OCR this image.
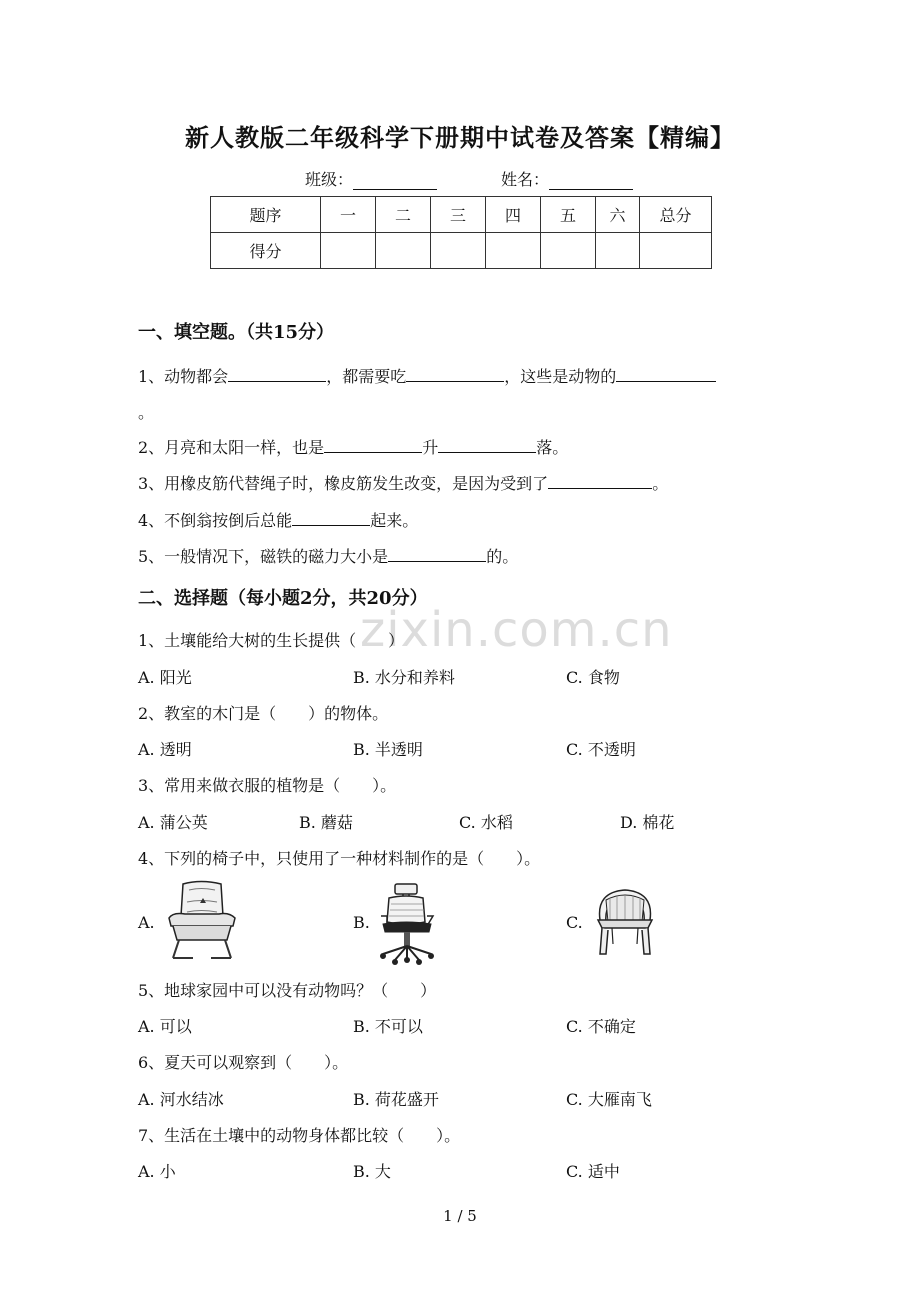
新人教版二年级科学下册期中试卷及答案【精编】
班级：	姓名：
题序	一	二	三	四	五	六	总分
得分							
一、填空题。（共15分）
1、动物都会	，都需要吃	，这些是动物的
。
2、月亮和太阳一样，也是	升	落。
3、用橡皮筋代替绳子时，橡皮筋发生改变，是因为受到了	。
4、不倒翁按倒后总能	起来。
5、一般情况下，磁铁的磁力大小是	的。
二、选择题（每小题2分，共20分）
zixin.com.cn
1、土壤能给大树的生长提供（　　）
A. 阳光	B. 水分和养料	C. 食物
2、教室的木门是（　　）的物体。
A. 透明	B. 半透明	C. 不透明
3、常用来做衣服的植物是（　　）。
A. 蒲公英	B. 蘑菇	C. 水稻	D. 棉花
4、下列的椅子中，只使用了一种材料制作的是（　　）。
A.	B.	C.
5、地球家园中可以没有动物吗？（　　）
A. 可以	B. 不可以	C. 不确定
6、夏天可以观察到（　　）。
A. 河水结冰	B. 荷花盛开	C. 大雁南飞
7、生活在土壤中的动物身体都比较（　　）。
A. 小	B. 大	C. 适中
1 / 5
